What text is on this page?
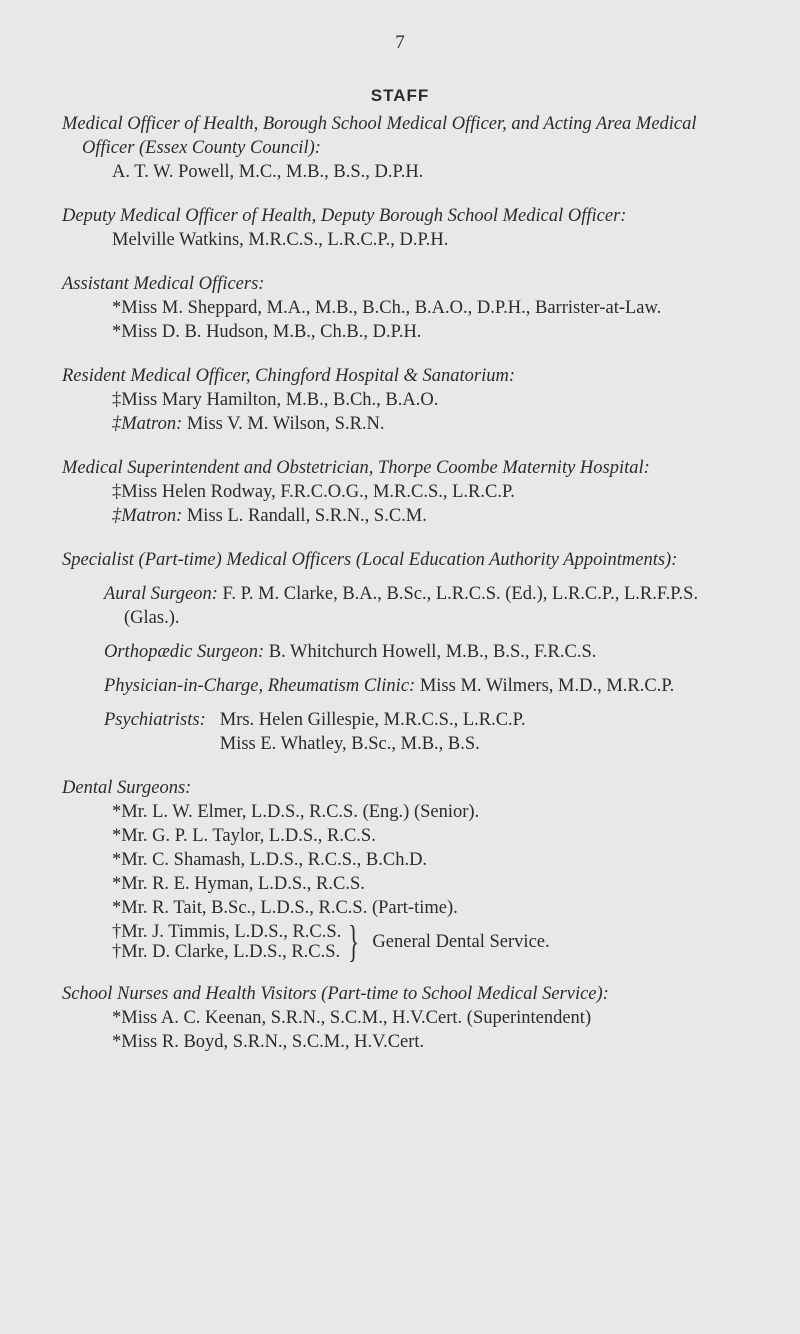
7
STAFF

Medical Officer of Health, Borough School Medical Officer, and Acting Area Medical Officer (Essex County Council):

A. T. W. Powell, M.C., M.B., B.S., D.P.H.

Deputy Medical Officer of Health, Deputy Borough School Medical Officer:

Melville Watkins, M.R.C.S., L.R.C.P., D.P.H.

Assistant Medical Officers:

*Miss M. Sheppard, M.A., M.B., B.Ch., B.A.O., D.P.H., Barrister-at-Law.

*Miss D. B. Hudson, M.B., Ch.B., D.P.H.

Resident Medical Officer, Chingford Hospital & Sanatorium:

‡Miss Mary Hamilton, M.B., B.Ch., B.A.O.

‡Matron: Miss V. M. Wilson, S.R.N.

Medical Superintendent and Obstetrician, Thorpe Coombe Maternity Hospital:

‡Miss Helen Rodway, F.R.C.O.G., M.R.C.S., L.R.C.P.

‡Matron: Miss L. Randall, S.R.N., S.C.M.

Specialist (Part-time) Medical Officers (Local Education Authority Appointments):

Aural Surgeon: F. P. M. Clarke, B.A., B.Sc., L.R.C.S. (Ed.), L.R.C.P., L.R.F.P.S. (Glas.).

Orthopædic Surgeon: B. Whitchurch Howell, M.B., B.S., F.R.C.S.

Physician-in-Charge, Rheumatism Clinic: Miss M. Wilmers, M.D., M.R.C.P.

Psychiatrists: Mrs. Helen Gillespie, M.R.C.S., L.R.C.P.
Miss E. Whatley, B.Sc., M.B., B.S.

Dental Surgeons:

*Mr. L. W. Elmer, L.D.S., R.C.S. (Eng.) (Senior).

*Mr. G. P. L. Taylor, L.D.S., R.C.S.

*Mr. C. Shamash, L.D.S., R.C.S., B.Ch.D.

*Mr. R. E. Hyman, L.D.S., R.C.S.

*Mr. R. Tait, B.Sc., L.D.S., R.C.S. (Part-time).

†Mr. J. Timmis, L.D.S., R.C.S.
†Mr. D. Clarke, L.D.S., R.C.S. } General Dental Service.

School Nurses and Health Visitors (Part-time to School Medical Service):

*Miss A. C. Keenan, S.R.N., S.C.M., H.V.Cert. (Superintendent)

*Miss R. Boyd, S.R.N., S.C.M., H.V.Cert.
